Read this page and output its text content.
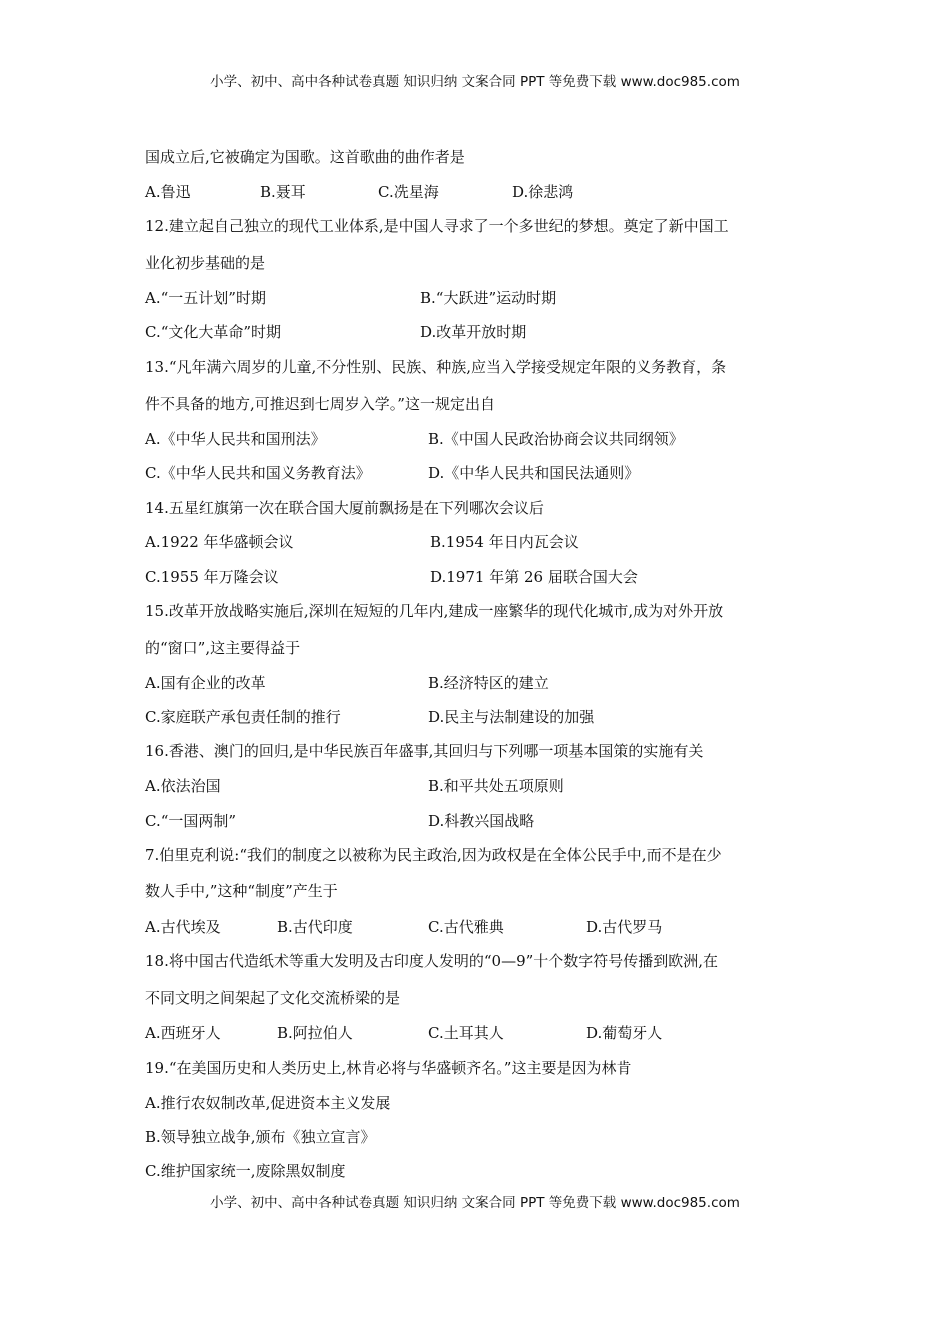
小学、初中、高中各种试卷真题 知识归纳 文案合同 PPT 等免费下载 www.doc985.com
国成立后,它被确定为国歌。这首歌曲的曲作者是
A.鲁迅	B.聂耳	C.冼星海	D.徐悲鸿
12.建立起自己独立的现代工业体系,是中国人寻求了一个多世纪的梦想。奠定了新中国工
业化初步基础的是
A.“一五计划”时期	B.“大跃进”运动时期
C.“文化大革命”时期	D.改革开放时期
13.“凡年满六周岁的儿童,不分性别、民族、种族,应当入学接受规定年限的义务教育，条
件不具备的地方,可推迟到七周岁入学。”这一规定出自
A.《中华人民共和国刑法》	B.《中国人民政治协商会议共同纲领》
C.《中华人民共和国义务教育法》	D.《中华人民共和国民法通则》
14.五星红旗第一次在联合国大厦前飘扬是在下列哪次会议后
A.1922 年华盛顿会议	B.1954 年日内瓦会议
C.1955 年万隆会议	D.1971 年第 26 届联合国大会
15.改革开放战略实施后,深圳在短短的几年内,建成一座繁华的现代化城市,成为对外开放
的“窗口”,这主要得益于
A.国有企业的改革	B.经济特区的建立
C.家庭联产承包责任制的推行	D.民主与法制建设的加强
16.香港、澳门的回归,是中华民族百年盛事,其回归与下列哪一项基本国策的实施有关
A.依法治国	B.和平共处五项原则
C.“一国两制”	D.科教兴国战略
7.伯里克利说:“我们的制度之以被称为民主政治,因为政权是在全体公民手中,而不是在少
数人手中,”这种“制度”产生于
A.古代埃及	B.古代印度	C.古代雅典	D.古代罗马
18.将中国古代造纸术等重大发明及古印度人发明的“0—9”十个数字符号传播到欧洲,在
不同文明之间架起了文化交流桥梁的是
A.西班牙人	B.阿拉伯人	C.土耳其人	D.葡萄牙人
19.“在美国历史和人类历史上,林肯必将与华盛顿齐名。”这主要是因为林肯
A.推行农奴制改革,促进资本主义发展
B.领导独立战争,颁布《独立宣言》
C.维护国家统一,废除黑奴制度
小学、初中、高中各种试卷真题 知识归纳 文案合同 PPT 等免费下载 www.doc985.com
